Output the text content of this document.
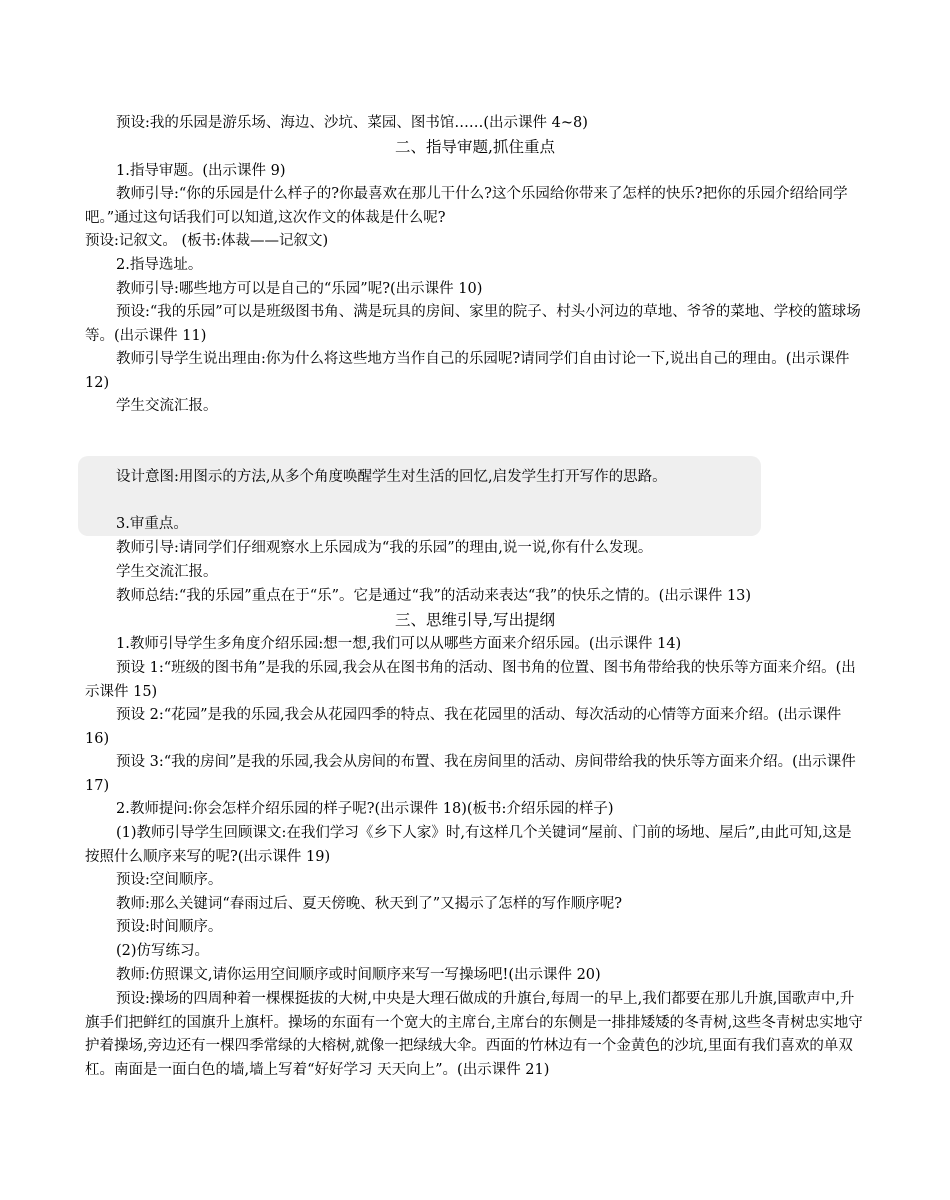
预设:我的乐园是游乐场、海边、沙坑、菜园、图书馆……(出示课件 4~8)
二、指导审题,抓住重点
1.指导审题。(出示课件 9)
教师引导:“你的乐园是什么样子的?你最喜欢在那儿干什么?这个乐园给你带来了怎样的快乐?把你的乐园介绍给同学吧。”通过这句话我们可以知道,这次作文的体裁是什么呢?
预设:记叙文。 (板书:体裁——记叙文)
2.指导选址。
教师引导:哪些地方可以是自己的“乐园”呢?(出示课件 10)
预设:“我的乐园”可以是班级图书角、满是玩具的房间、家里的院子、村头小河边的草地、爷爷的菜地、学校的篮球场等。(出示课件 11)
教师引导学生说出理由:你为什么将这些地方当作自己的乐园呢?请同学们自由讨论一下,说出自己的理由。(出示课件 12)
学生交流汇报。
设计意图:用图示的方法,从多个角度唤醒学生对生活的回忆,启发学生打开写作的思路。
3.审重点。
教师引导:请同学们仔细观察水上乐园成为“我的乐园”的理由,说一说,你有什么发现。
学生交流汇报。
教师总结:“我的乐园”重点在于“乐”。它是通过“我”的活动来表达“我”的快乐之情的。(出示课件 13)
三、思维引导,写出提纲
1.教师引导学生多角度介绍乐园:想一想,我们可以从哪些方面来介绍乐园。(出示课件 14)
预设 1:“班级的图书角”是我的乐园,我会从在图书角的活动、图书角的位置、图书角带给我的快乐等方面来介绍。(出示课件 15)
预设 2:“花园”是我的乐园,我会从花园四季的特点、我在花园里的活动、每次活动的心情等方面来介绍。(出示课件 16)
预设 3:“我的房间”是我的乐园,我会从房间的布置、我在房间里的活动、房间带给我的快乐等方面来介绍。(出示课件 17)
2.教师提问:你会怎样介绍乐园的样子呢?(出示课件 18)(板书:介绍乐园的样子)
(1)教师引导学生回顾课文:在我们学习《乡下人家》时,有这样几个关键词“屋前、门前的场地、屋后”,由此可知,这是按照什么顺序来写的呢?(出示课件 19)
预设:空间顺序。
教师:那么关键词“春雨过后、夏天傍晚、秋天到了”又揭示了怎样的写作顺序呢?
预设:时间顺序。
(2)仿写练习。
教师:仿照课文,请你运用空间顺序或时间顺序来写一写操场吧!(出示课件 20)
预设:操场的四周种着一棵棵挺拔的大树,中央是大理石做成的升旗台,每周一的早上,我们都要在那儿升旗,国歌声中,升旗手们把鲜红的国旗升上旗杆。操场的东面有一个宽大的主席台,主席台的东侧是一排排矮矮的冬青树,这些冬青树忠实地守护着操场,旁边还有一棵四季常绿的大榕树,就像一把绿绒大伞。西面的竹林边有一个金黄色的沙坑,里面有我们喜欢的单双杠。南面是一面白色的墙,墙上写着“好好学习 天天向上”。(出示课件 21)
